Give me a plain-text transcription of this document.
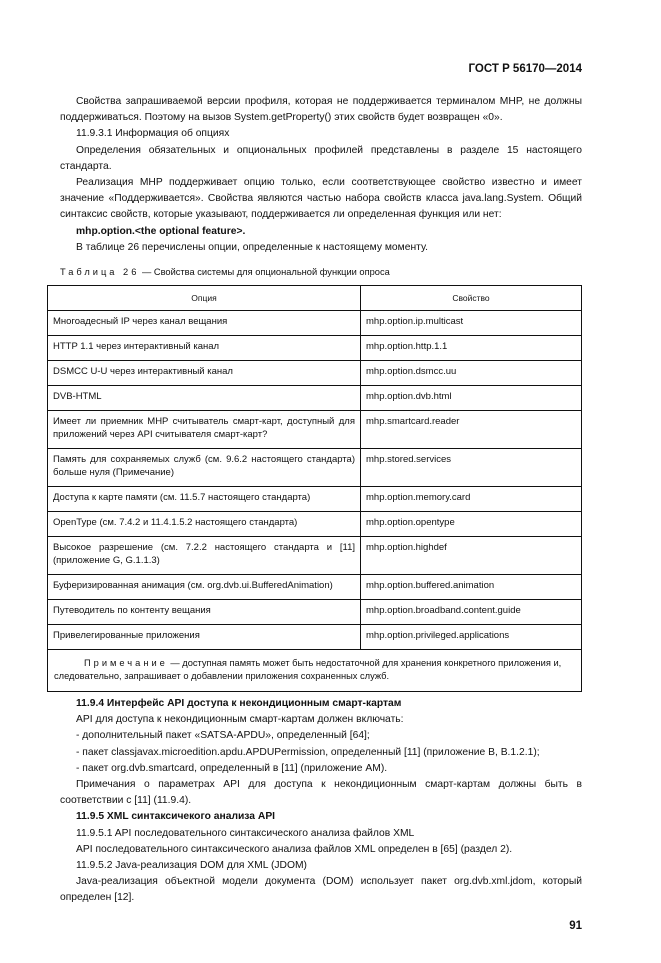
ГОСТ Р 56170—2014

Свойства запрашиваемой версии профиля, которая не поддерживается терминалом MHP, не должны поддерживаться. Поэтому на вызов System.getProperty() этих свойств будет возвращен «0».

11.9.3.1 Информация об опциях

Определения обязательных и опциональных профилей представлены в разделе 15 настоящего стандарта.

Реализация MHP поддерживает опцию только, если соответствующее свойство известно и имеет значение «Поддерживается». Свойства являются частью набора свойств класса java.lang.System. Общий синтаксис свойств, которые указывают, поддерживается ли определенная функция или нет:

mhp.option.<the optional feature>.

В таблице 26 перечислены опции, определенные к настоящему моменту.

Таблица 26 — Свойства системы для опциональной функции опроса
Опция	Свойство
Многоадесный IP через канал вещания	mhp.option.ip.multicast
HTTP 1.1 через интерактивный канал	mhp.option.http.1.1
DSMCC U-U через интерактивный канал	mhp.option.dsmcc.uu
DVB-HTML	mhp.option.dvb.html
Имеет ли приемник MHP считыватель смарт-карт, доступный для приложений через API считывателя смарт-карт?	mhp.smartcard.reader
Память для сохраняемых служб (см. 9.6.2 настоящего стандарта) больше нуля (Примечание)	mhp.stored.services
Доступа к карте памяти (см. 11.5.7 настоящего стандарта)	mhp.option.memory.card
OpenType (см. 7.4.2 и 11.4.1.5.2 настоящего стандарта)	mhp.option.opentype
Высокое разрешение (см. 7.2.2 настоящего стандарта и [11] (приложение G, G.1.1.3)	mhp.option.highdef
Буферизированная анимация (см. org.dvb.ui.BufferedAnimation)	mhp.option.buffered.animation
Путеводитель по контенту вещания	mhp.option.broadband.content.guide
Привелегированные приложения	mhp.option.privileged.applications
Примечание — доступная память может быть недостаточной для хранения конкретного приложения и, следовательно, запрашивает о добавлении приложения сохраненных служб.	

11.9.4 Интерфейс API доступа к некондиционным смарт-картам

API для доступа к некондиционным смарт-картам должен включать:

- дополнительный пакет «SATSA-APDU», определенный [64];

- пакет classjavax.microedition.apdu.APDUPermission, определенный [11] (приложение B, B.1.2.1);

- пакет org.dvb.smartcard, определенный в [11] (приложение AM).

Примечания о параметрах API для доступа к некондиционным смарт-картам должны быть в соответствии с [11] (11.9.4).

11.9.5 XML синтаксичекого анализа API

11.9.5.1 API последовательного синтаксического анализа файлов XML

API последовательного синтаксического анализа файлов XML определен в [65] (раздел 2).

11.9.5.2 Java-реализация DOM для XML (JDOM)

Java-реализация объектной модели документа (DOM) использует пакет org.dvb.xml.jdom, который определен [12].

91
